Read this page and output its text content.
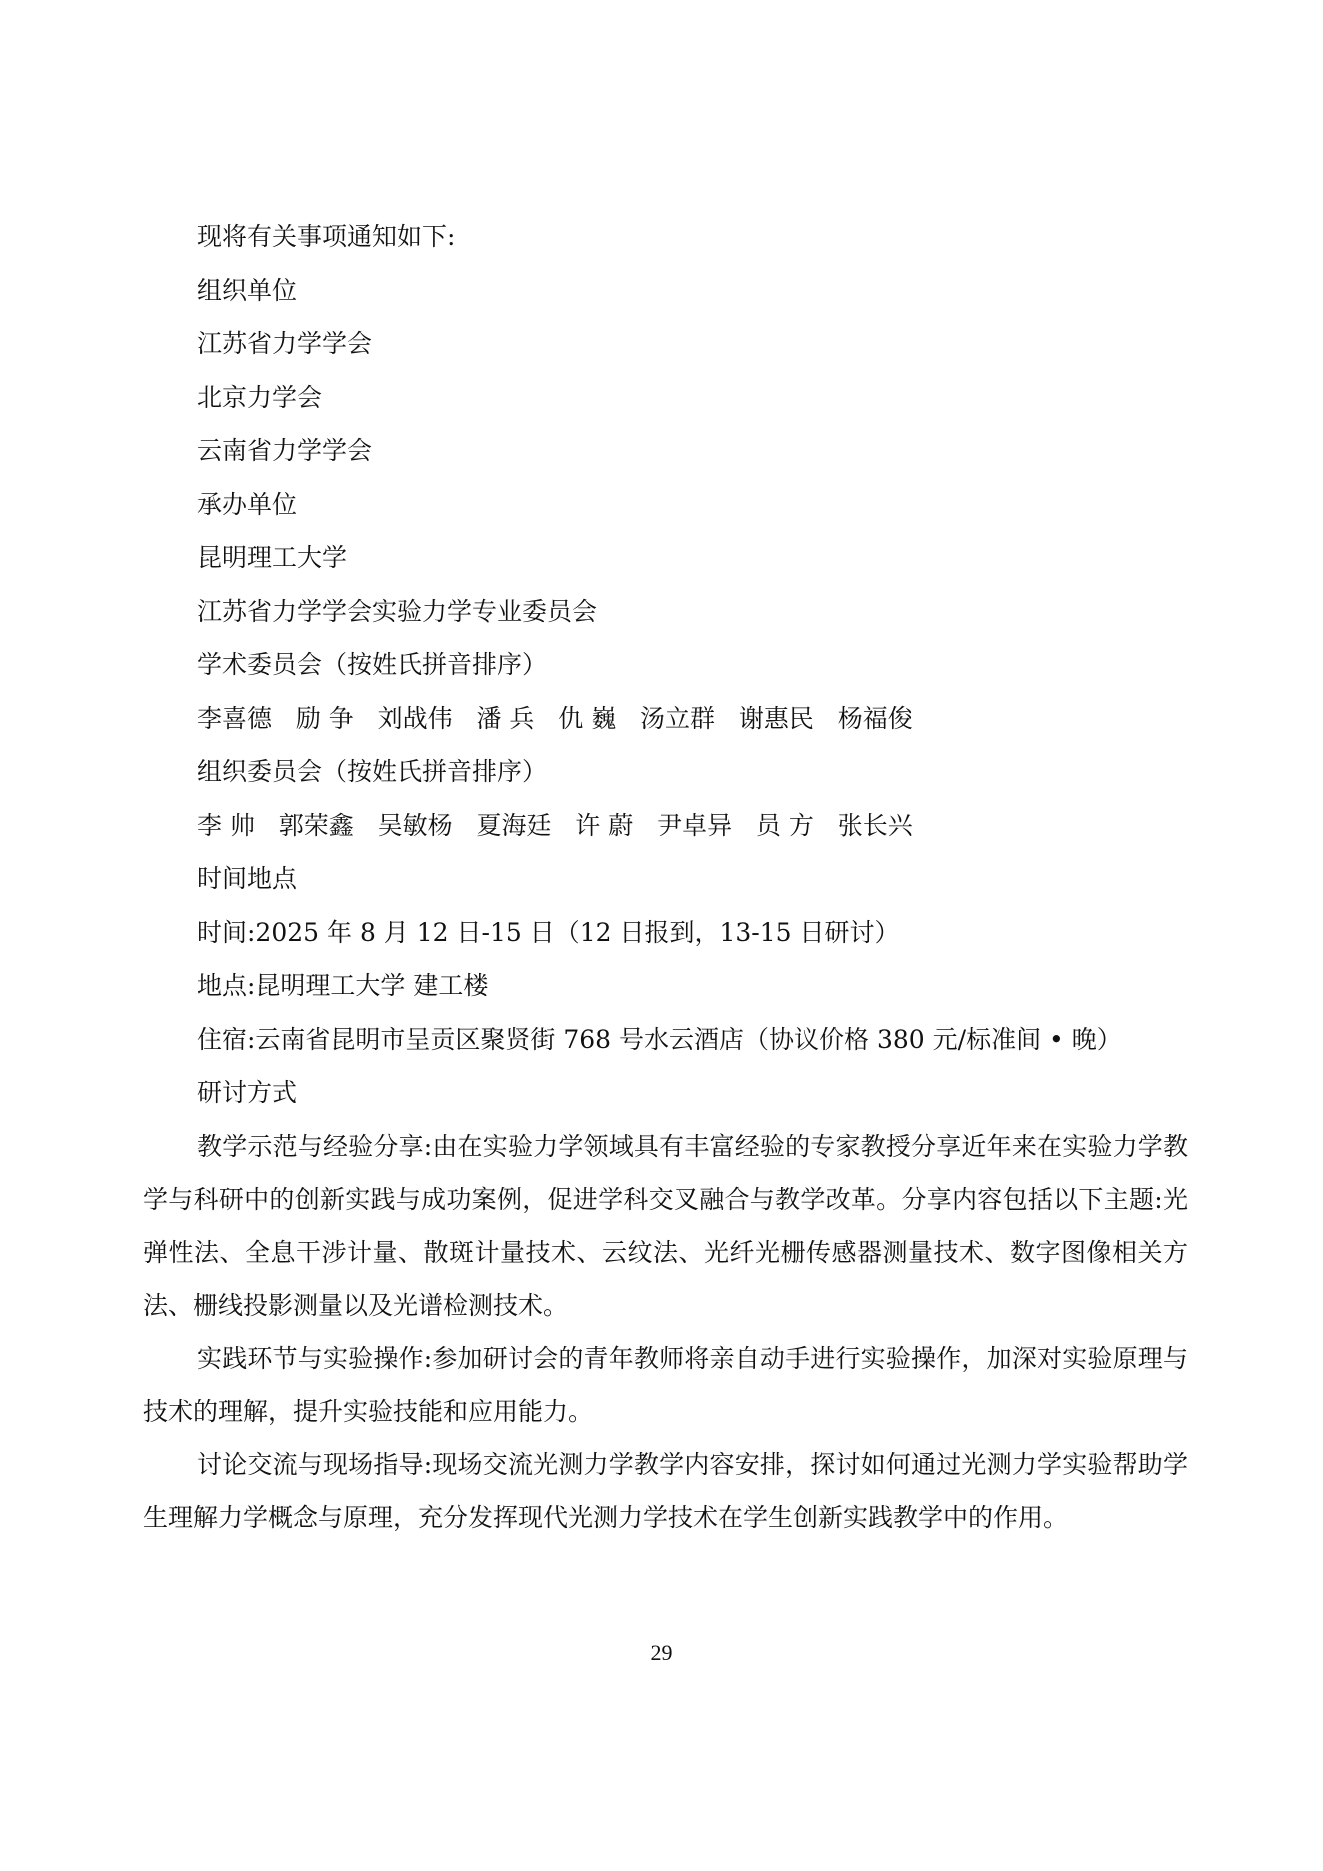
现将有关事项通知如下:

组织单位

江苏省力学学会

北京力学会

云南省力学学会

承办单位

昆明理工大学

江苏省力学学会实验力学专业委员会

学术委员会（按姓氏拼音排序）

李喜德   励 争   刘战伟   潘 兵   仇 巍   汤立群   谢惠民   杨福俊

组织委员会（按姓氏拼音排序）

李 帅   郭荣鑫   吴敏杨   夏海廷   许 蔚   尹卓异   员 方   张长兴

时间地点

时间:2025 年 8 月 12 日-15 日（12 日报到，13-15 日研讨）

地点:昆明理工大学 建工楼

住宿:云南省昆明市呈贡区聚贤街 768 号水云酒店（协议价格 380 元/标准间 • 晚）

研讨方式

教学示范与经验分享:由在实验力学领域具有丰富经验的专家教授分享近年来在实验力学教学与科研中的创新实践与成功案例，促进学科交叉融合与教学改革。分享内容包括以下主题:光弹性法、全息干涉计量、散斑计量技术、云纹法、光纤光栅传感器测量技术、数字图像相关方法、栅线投影测量以及光谱检测技术。

实践环节与实验操作:参加研讨会的青年教师将亲自动手进行实验操作，加深对实验原理与技术的理解，提升实验技能和应用能力。

讨论交流与现场指导:现场交流光测力学教学内容安排，探讨如何通过光测力学实验帮助学生理解力学概念与原理，充分发挥现代光测力学技术在学生创新实践教学中的作用。

29
